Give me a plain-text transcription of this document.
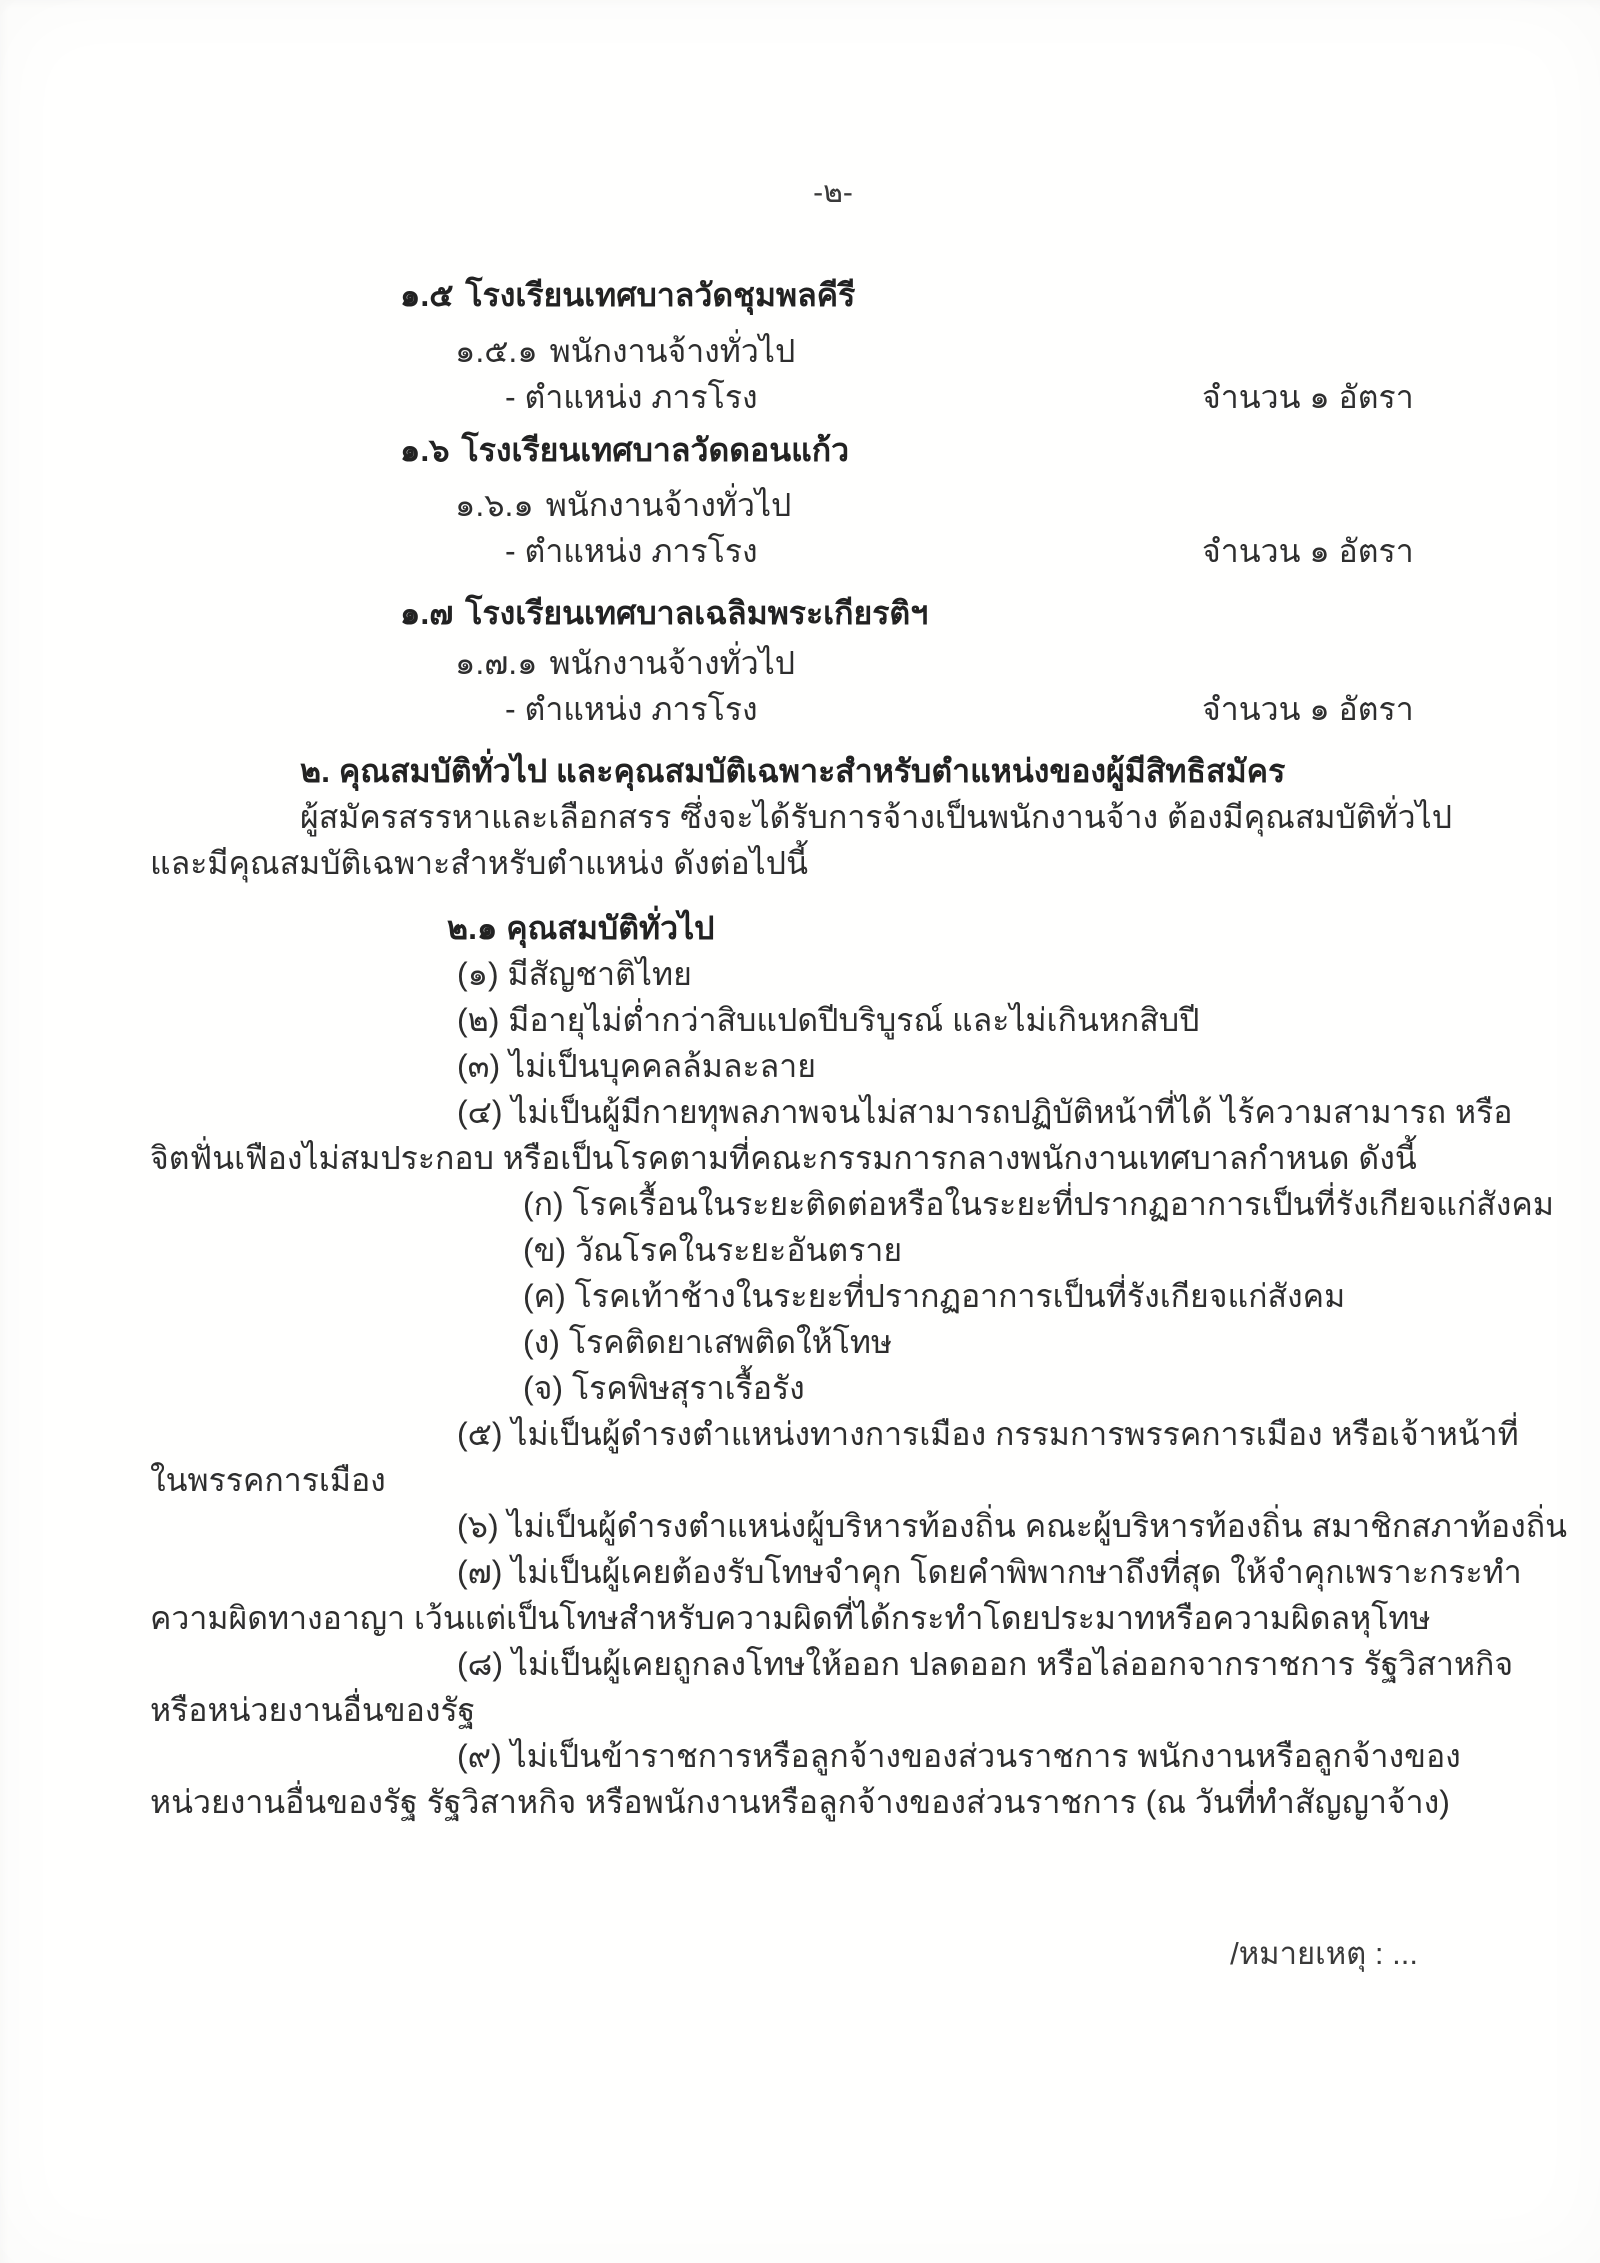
-๒-
๑.๕ โรงเรียนเทศบาลวัดชุมพลคีรี
๑.๕.๑ พนักงานจ้างทั่วไป
- ตำแหน่ง ภารโรง	จำนวน ๑ อัตรา
๑.๖ โรงเรียนเทศบาลวัดดอนแก้ว
๑.๖.๑ พนักงานจ้างทั่วไป
- ตำแหน่ง ภารโรง	จำนวน ๑ อัตรา
๑.๗ โรงเรียนเทศบาลเฉลิมพระเกียรติฯ
๑.๗.๑ พนักงานจ้างทั่วไป
- ตำแหน่ง ภารโรง	จำนวน ๑ อัตรา
๒. คุณสมบัติทั่วไป และคุณสมบัติเฉพาะสำหรับตำแหน่งของผู้มีสิทธิสมัคร
ผู้สมัครสรรหาและเลือกสรร ซึ่งจะได้รับการจ้างเป็นพนักงานจ้าง ต้องมีคุณสมบัติทั่วไป
และมีคุณสมบัติเฉพาะสำหรับตำแหน่ง ดังต่อไปนี้
๒.๑ คุณสมบัติทั่วไป
(๑) มีสัญชาติไทย
(๒) มีอายุไม่ต่ำกว่าสิบแปดปีบริบูรณ์ และไม่เกินหกสิบปี
(๓) ไม่เป็นบุคคลล้มละลาย
(๔) ไม่เป็นผู้มีกายทุพลภาพจนไม่สามารถปฏิบัติหน้าที่ได้ ไร้ความสามารถ หรือ
จิตฟั่นเฟืองไม่สมประกอบ หรือเป็นโรคตามที่คณะกรรมการกลางพนักงานเทศบาลกำหนด ดังนี้
(ก) โรคเรื้อนในระยะติดต่อหรือในระยะที่ปรากฏอาการเป็นที่รังเกียจแก่สังคม
(ข) วัณโรคในระยะอันตราย
(ค) โรคเท้าช้างในระยะที่ปรากฏอาการเป็นที่รังเกียจแก่สังคม
(ง) โรคติดยาเสพติดให้โทษ
(จ) โรคพิษสุราเรื้อรัง
(๕) ไม่เป็นผู้ดำรงตำแหน่งทางการเมือง กรรมการพรรคการเมือง หรือเจ้าหน้าที่
ในพรรคการเมือง
(๖) ไม่เป็นผู้ดำรงตำแหน่งผู้บริหารท้องถิ่น คณะผู้บริหารท้องถิ่น สมาชิกสภาท้องถิ่น
(๗) ไม่เป็นผู้เคยต้องรับโทษจำคุก โดยคำพิพากษาถึงที่สุด ให้จำคุกเพราะกระทำ
ความผิดทางอาญา เว้นแต่เป็นโทษสำหรับความผิดที่ได้กระทำโดยประมาทหรือความผิดลหุโทษ
(๘) ไม่เป็นผู้เคยถูกลงโทษให้ออก ปลดออก หรือไล่ออกจากราชการ รัฐวิสาหกิจ
หรือหน่วยงานอื่นของรัฐ
(๙) ไม่เป็นข้าราชการหรือลูกจ้างของส่วนราชการ พนักงานหรือลูกจ้างของ
หน่วยงานอื่นของรัฐ รัฐวิสาหกิจ หรือพนักงานหรือลูกจ้างของส่วนราชการ (ณ วันที่ทำสัญญาจ้าง)
/หมายเหตุ : ...
